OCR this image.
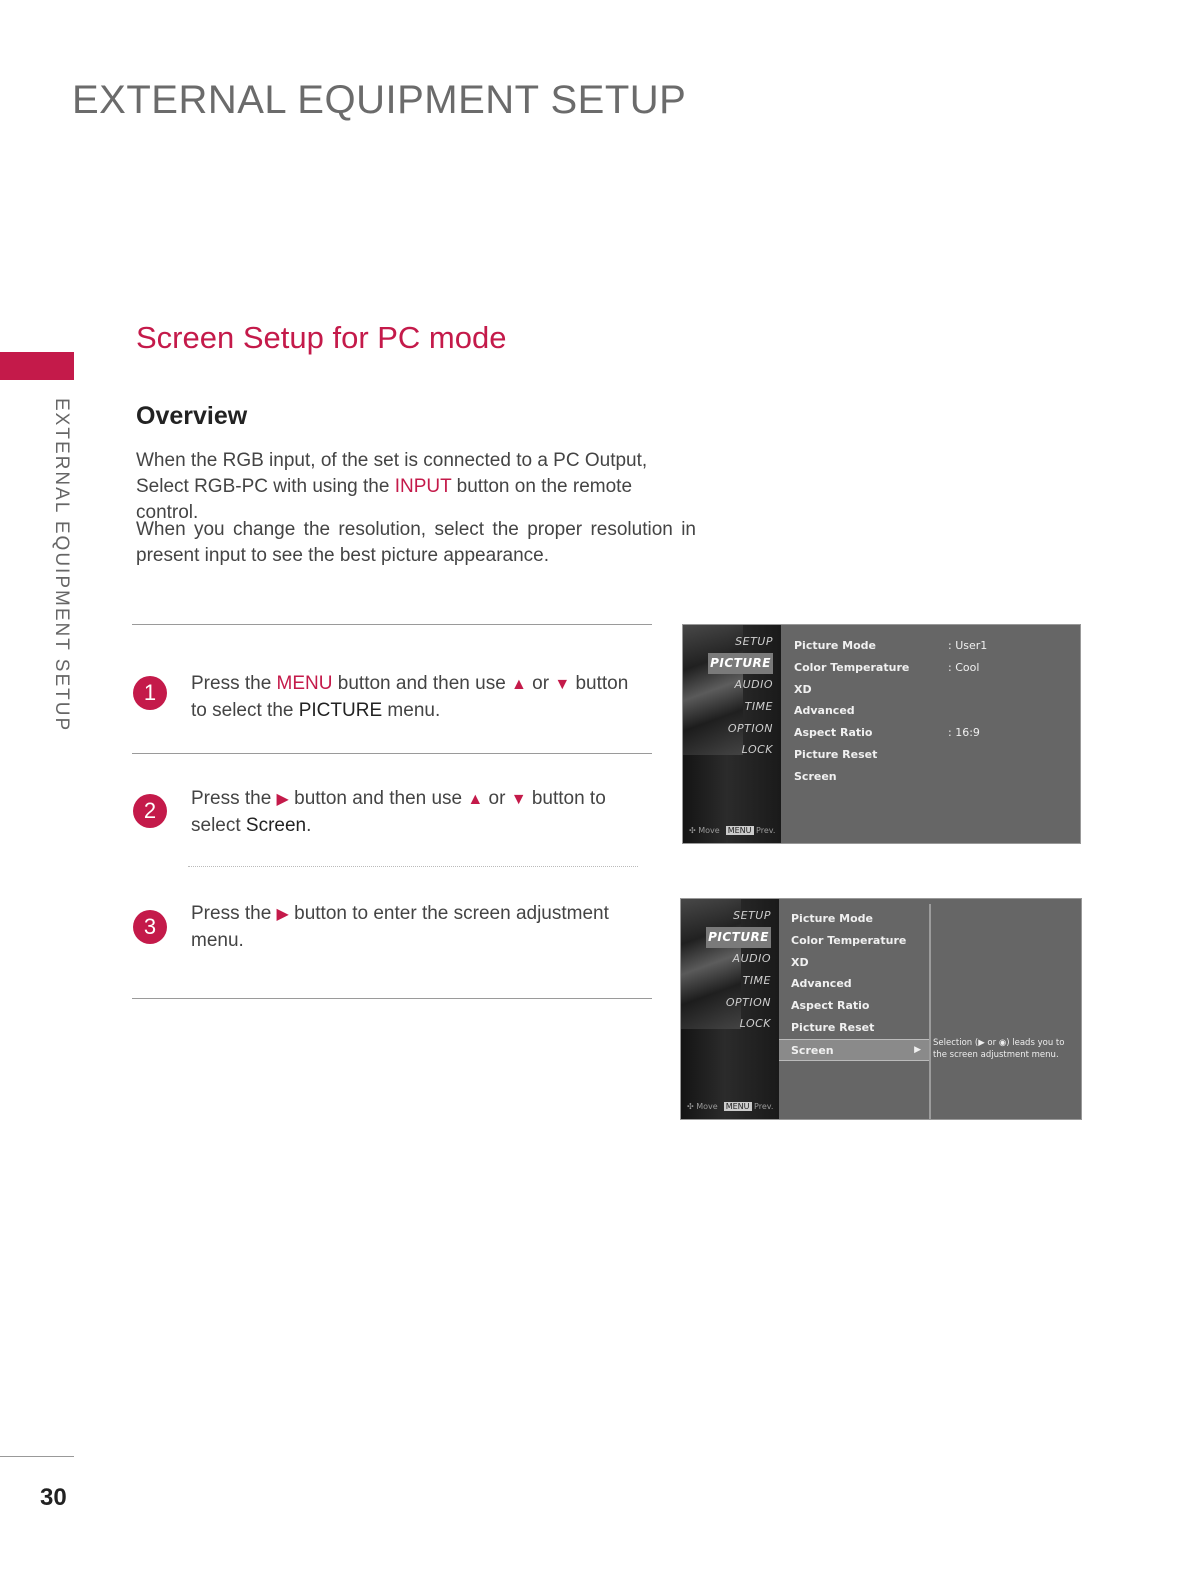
EXTERNAL EQUIPMENT SETUP
EXTERNAL EQUIPMENT SETUP
Screen Setup for PC mode
Overview
When the RGB input, of the set is connected to a PC Output, Select RGB-PC with using the INPUT button on the remote control.
When you change the resolution, select the proper resolution in present input to see the best picture appearance.
1	Press the MENU button and then use ▲ or ▼ button to select the PICTURE menu.
2	Press the ▶ button and then use ▲ or ▼ button to select Screen.
3
Press the ▶ button to enter the screen adjustment menu.
SETUP
PICTURE
AUDIO
TIME
OPTION
LOCK
✣ Move MENU Prev.
Picture Mode	: User1
Color Temperature	: Cool
XD
Advanced
Aspect Ratio	: 16:9
Picture Reset
Screen
SETUP
PICTURE
AUDIO
TIME
OPTION
LOCK
✣ Move MENU Prev.
Picture Mode
Color Temperature
XD
Advanced
Aspect Ratio
Picture Reset
Screen	▶
Selection (▶ or ◉) leads you to the screen adjustment menu.
30
